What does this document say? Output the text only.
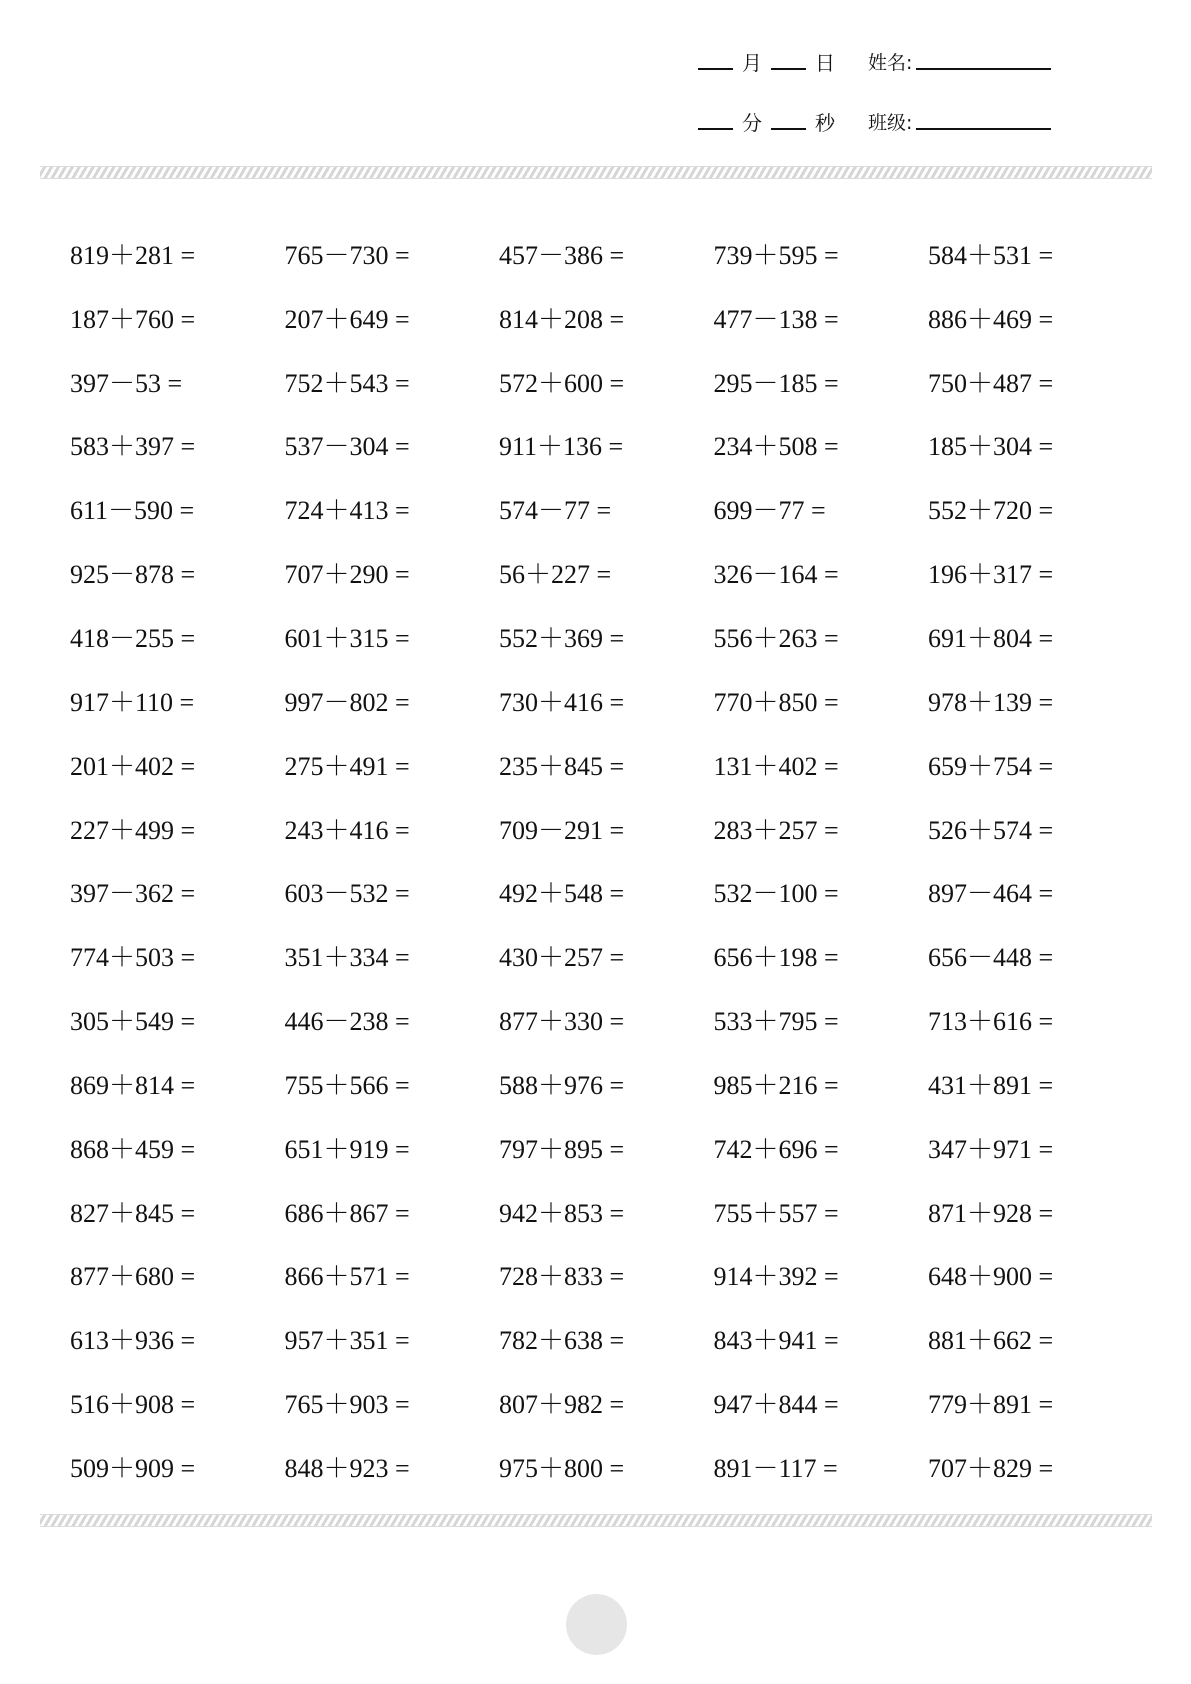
月	日	姓名:
分	秒	班级:
819＋281 =	765－730 =	457－386 =	739＋595 =	584＋531 =
187＋760 =	207＋649 =	814＋208 =	477－138 =	886＋469 =
397－53 =	752＋543 =	572＋600 =	295－185 =	750＋487 =
583＋397 =	537－304 =	911＋136 =	234＋508 =	185＋304 =
611－590 =	724＋413 =	574－77 =	699－77 =	552＋720 =
925－878 =	707＋290 =	56＋227 =	326－164 =	196＋317 =
418－255 =	601＋315 =	552＋369 =	556＋263 =	691＋804 =
917＋110 =	997－802 =	730＋416 =	770＋850 =	978＋139 =
201＋402 =	275＋491 =	235＋845 =	131＋402 =	659＋754 =
227＋499 =	243＋416 =	709－291 =	283＋257 =	526＋574 =
397－362 =	603－532 =	492＋548 =	532－100 =	897－464 =
774＋503 =	351＋334 =	430＋257 =	656＋198 =	656－448 =
305＋549 =	446－238 =	877＋330 =	533＋795 =	713＋616 =
869＋814 =	755＋566 =	588＋976 =	985＋216 =	431＋891 =
868＋459 =	651＋919 =	797＋895 =	742＋696 =	347＋971 =
827＋845 =	686＋867 =	942＋853 =	755＋557 =	871＋928 =
877＋680 =	866＋571 =	728＋833 =	914＋392 =	648＋900 =
613＋936 =	957＋351 =	782＋638 =	843＋941 =	881＋662 =
516＋908 =	765＋903 =	807＋982 =	947＋844 =	779＋891 =
509＋909 =	848＋923 =	975＋800 =	891－117 =	707＋829 =
